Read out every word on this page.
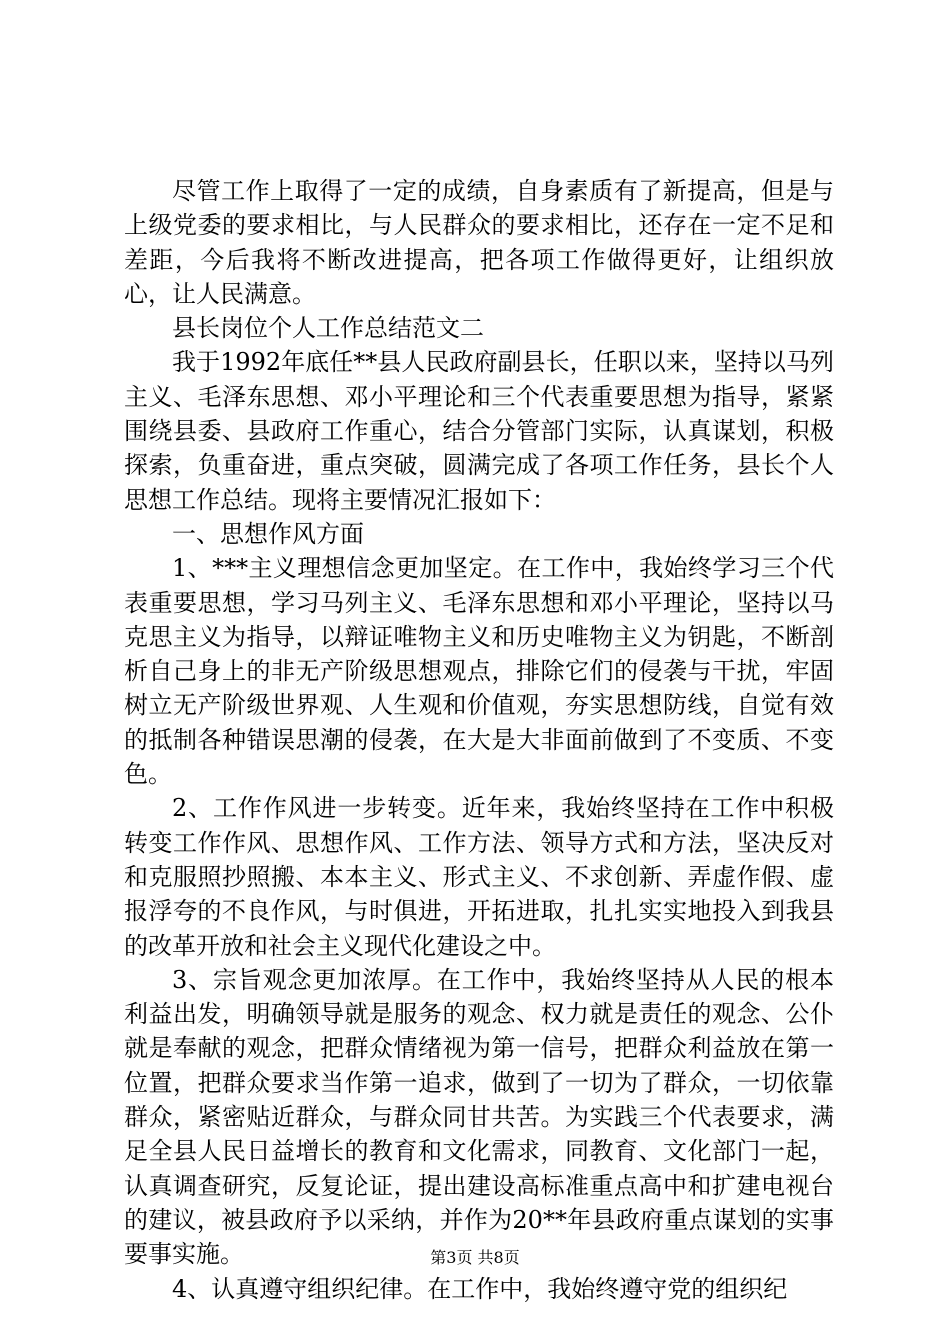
尽管工作上取得了一定的成绩，自身素质有了新提高，但是与上级党委的要求相比，与人民群众的要求相比，还存在一定不足和差距，今后我将不断改进提高，把各项工作做得更好，让组织放心，让人民满意。

县长岗位个人工作总结范文二

我于1992年底任**县人民政府副县长，任职以来，坚持以马列主义、毛泽东思想、邓小平理论和三个代表重要思想为指导，紧紧围绕县委、县政府工作重心，结合分管部门实际，认真谋划，积极探索，负重奋进，重点突破，圆满完成了各项工作任务，县长个人思想工作总结。现将主要情况汇报如下：

一、思想作风方面

1、***主义理想信念更加坚定。在工作中，我始终学习三个代表重要思想，学习马列主义、毛泽东思想和邓小平理论，坚持以马克思主义为指导，以辩证唯物主义和历史唯物主义为钥匙，不断剖析自己身上的非无产阶级思想观点，排除它们的侵袭与干扰，牢固树立无产阶级世界观、人生观和价值观，夯实思想防线，自觉有效的抵制各种错误思潮的侵袭，在大是大非面前做到了不变质、不变色。

2、工作作风进一步转变。近年来，我始终坚持在工作中积极转变工作作风、思想作风、工作方法、领导方式和方法，坚决反对和克服照抄照搬、本本主义、形式主义、不求创新、弄虚作假、虚报浮夸的不良作风，与时俱进，开拓进取，扎扎实实地投入到我县的改革开放和社会主义现代化建设之中。

3、宗旨观念更加浓厚。在工作中，我始终坚持从人民的根本利益出发，明确领导就是服务的观念、权力就是责任的观念、公仆就是奉献的观念，把群众情绪视为第一信号，把群众利益放在第一位置，把群众要求当作第一追求，做到了一切为了群众，一切依靠群众，紧密贴近群众，与群众同甘共苦。为实践三个代表要求，满足全县人民日益增长的教育和文化需求，同教育、文化部门一起，认真调查研究，反复论证，提出建设高标准重点高中和扩建电视台的建议，被县政府予以采纳，并作为20**年县政府重点谋划的实事要事实施。

4、认真遵守组织纪律。在工作中，我始终遵守党的组织纪

第3页 共8页
